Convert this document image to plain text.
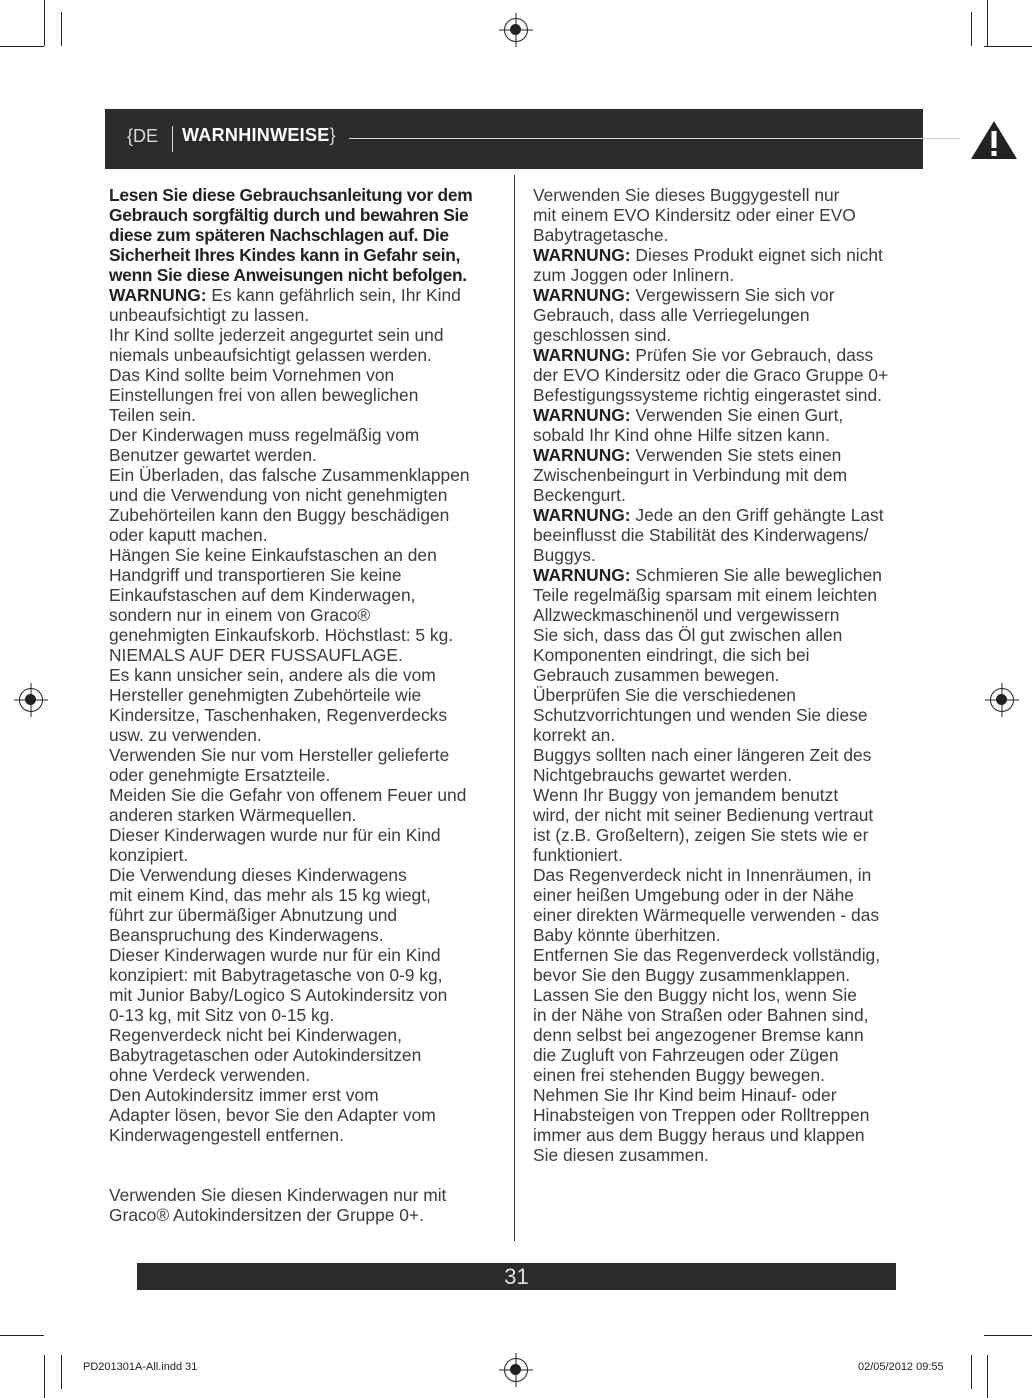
{DE WARNHINWEISE}

Lesen Sie diese Gebrauchsanleitung vor dem
Gebrauch sorgfältig durch und bewahren Sie
diese zum späteren Nachschlagen auf. Die
Sicherheit Ihres Kindes kann in Gefahr sein,
wenn Sie diese Anweisungen nicht befolgen.

WARNUNG: Es kann gefährlich sein, Ihr Kind
unbeaufsichtigt zu lassen.

Ihr Kind sollte jederzeit angegurtet sein und
niemals unbeaufsichtigt gelassen werden.

Das Kind sollte beim Vornehmen von
Einstellungen frei von allen beweglichen
Teilen sein.

Der Kinderwagen muss regelmäßig vom
Benutzer gewartet werden.

Ein Überladen, das falsche Zusammenklappen
und die Verwendung von nicht genehmigten
Zubehörteilen kann den Buggy beschädigen
oder kaputt machen.

Hängen Sie keine Einkaufstaschen an den
Handgriff und transportieren Sie keine
Einkaufstaschen auf dem Kinderwagen,
sondern nur in einem von Graco®
genehmigten Einkaufskorb. Höchstlast: 5 kg.
NIEMALS AUF DER FUSSAUFLAGE.

Es kann unsicher sein, andere als die vom
Hersteller genehmigten Zubehörteile wie
Kindersitze, Taschenhaken, Regenverdecks
usw. zu verwenden.

Verwenden Sie nur vom Hersteller gelieferte
oder genehmigte Ersatzteile.

Meiden Sie die Gefahr von offenem Feuer und
anderen starken Wärmequellen.

Dieser Kinderwagen wurde nur für ein Kind
konzipiert.

Die Verwendung dieses Kinderwagens
mit einem Kind, das mehr als 15 kg wiegt,
führt zur übermäßiger Abnutzung und
Beanspruchung des Kinderwagens.

Dieser Kinderwagen wurde nur für ein Kind
konzipiert: mit Babytragetasche von 0-9 kg,
mit Junior Baby/Logico S Autokindersitz von
0-13 kg, mit Sitz von 0-15 kg.

Regenverdeck nicht bei Kinderwagen,
Babytragetaschen oder Autokindersitzen
ohne Verdeck verwenden.

Den Autokindersitz immer erst vom
Adapter lösen, bevor Sie den Adapter vom
Kinderwagengestell entfernen.

Verwenden Sie diesen Kinderwagen nur mit
Graco® Autokindersitzen der Gruppe 0+.

Verwenden Sie dieses Buggygestell nur
mit einem EVO Kindersitz oder einer EVO
Babytragetasche.

WARNUNG: Dieses Produkt eignet sich nicht
zum Joggen oder Inlinern.

WARNUNG: Vergewissern Sie sich vor
Gebrauch, dass alle Verriegelungen
geschlossen sind.

WARNUNG: Prüfen Sie vor Gebrauch, dass
der EVO Kindersitz oder die Graco Gruppe 0+
Befestigungssysteme richtig eingerastet sind.

WARNUNG: Verwenden Sie einen Gurt,
sobald Ihr Kind ohne Hilfe sitzen kann.

WARNUNG: Verwenden Sie stets einen
Zwischenbeingurt in Verbindung mit dem
Beckengurt.

WARNUNG: Jede an den Griff gehängte Last
beeinflusst die Stabilität des Kinderwagens/
Buggys.

WARNUNG: Schmieren Sie alle beweglichen
Teile regelmäßig sparsam mit einem leichten
Allzweckmaschinenöl und vergewissern
Sie sich, dass das Öl gut zwischen allen
Komponenten eindringt, die sich bei
Gebrauch zusammen bewegen.

Überprüfen Sie die verschiedenen
Schutzvorrichtungen und wenden Sie diese
korrekt an.

Buggys sollten nach einer längeren Zeit des
Nichtgebrauchs gewartet werden.

Wenn Ihr Buggy von jemandem benutzt
wird, der nicht mit seiner Bedienung vertraut
ist (z.B. Großeltern), zeigen Sie stets wie er
funktioniert.

Das Regenverdeck nicht in Innenräumen, in
einer heißen Umgebung oder in der Nähe
einer direkten Wärmequelle verwenden - das
Baby könnte überhitzen.

Entfernen Sie das Regenverdeck vollständig,
bevor Sie den Buggy zusammenklappen.

Lassen Sie den Buggy nicht los, wenn Sie
in der Nähe von Straßen oder Bahnen sind,
denn selbst bei angezogener Bremse kann
die Zugluft von Fahrzeugen oder Zügen
einen frei stehenden Buggy bewegen.

Nehmen Sie Ihr Kind beim Hinauf- oder
Hinabsteigen von Treppen oder Rolltreppen
immer aus dem Buggy heraus und klappen
Sie diesen zusammen.

31
PD201301A-All.indd 31	02/05/2012 09:55
